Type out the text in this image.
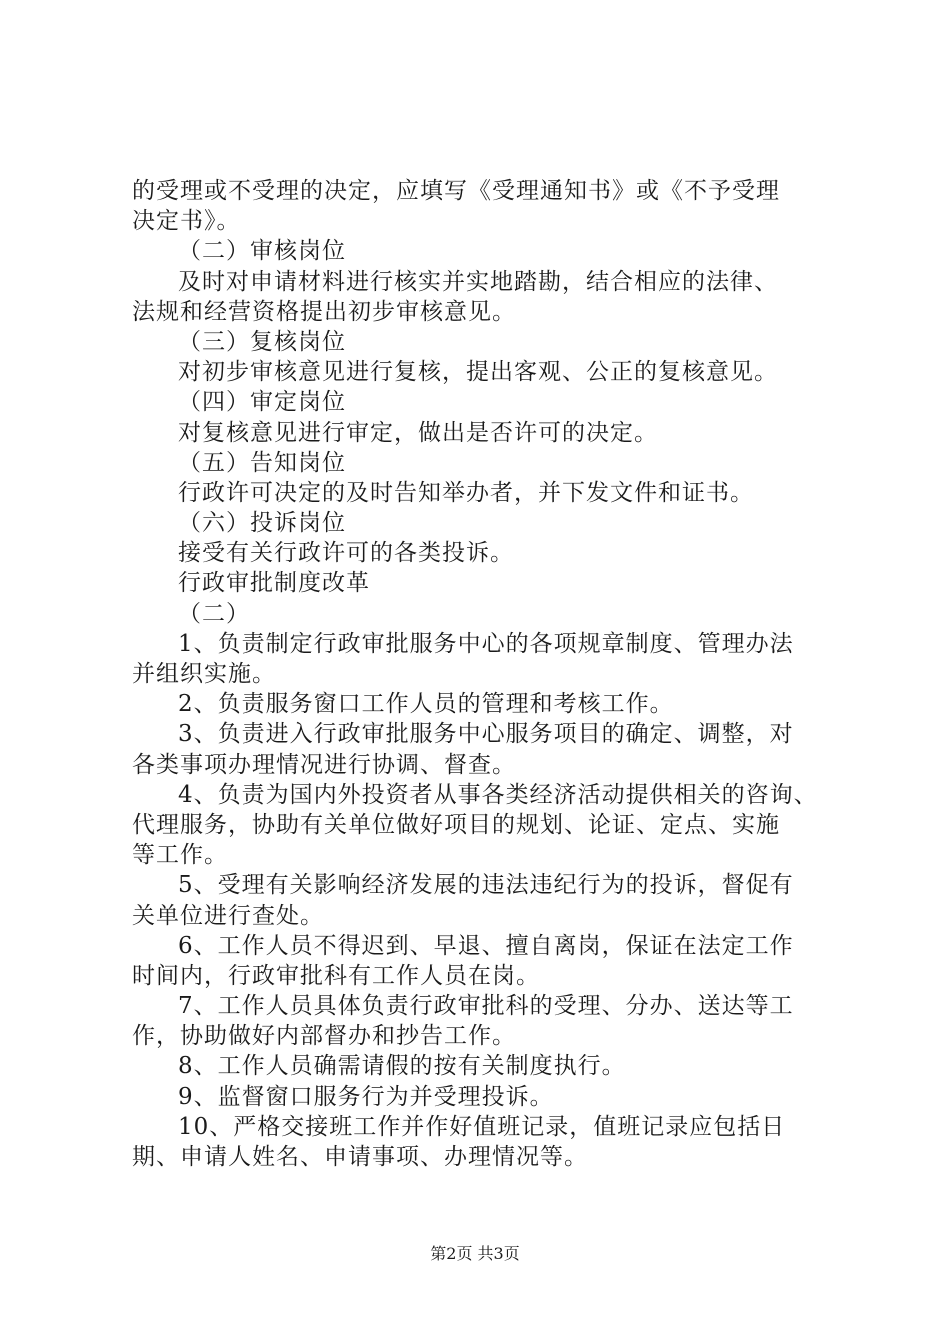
的受理或不受理的决定，应填写《受理通知书》或《不予受理
决定书》。
（二）审核岗位
及时对申请材料进行核实并实地踏勘，结合相应的法律、
法规和经营资格提出初步审核意见。
（三）复核岗位
对初步审核意见进行复核，提出客观、公正的复核意见。
（四）审定岗位
对复核意见进行审定，做出是否许可的决定。
（五）告知岗位
行政许可决定的及时告知举办者，并下发文件和证书。
（六）投诉岗位
接受有关行政许可的各类投诉。
行政审批制度改革
（二）
1、负责制定行政审批服务中心的各项规章制度、管理办法
并组织实施。
2、负责服务窗口工作人员的管理和考核工作。
3、负责进入行政审批服务中心服务项目的确定、调整，对
各类事项办理情况进行协调、督查。
4、负责为国内外投资者从事各类经济活动提供相关的咨询、
代理服务，协助有关单位做好项目的规划、论证、定点、实施
等工作。
5、受理有关影响经济发展的违法违纪行为的投诉，督促有
关单位进行查处。
6、工作人员不得迟到、早退、擅自离岗，保证在法定工作
时间内，行政审批科有工作人员在岗。
7、工作人员具体负责行政审批科的受理、分办、送达等工
作，协助做好内部督办和抄告工作。
8、工作人员确需请假的按有关制度执行。
9、监督窗口服务行为并受理投诉。
10、严格交接班工作并作好值班记录，值班记录应包括日
期、申请人姓名、申请事项、办理情况等。
第2页 共3页
